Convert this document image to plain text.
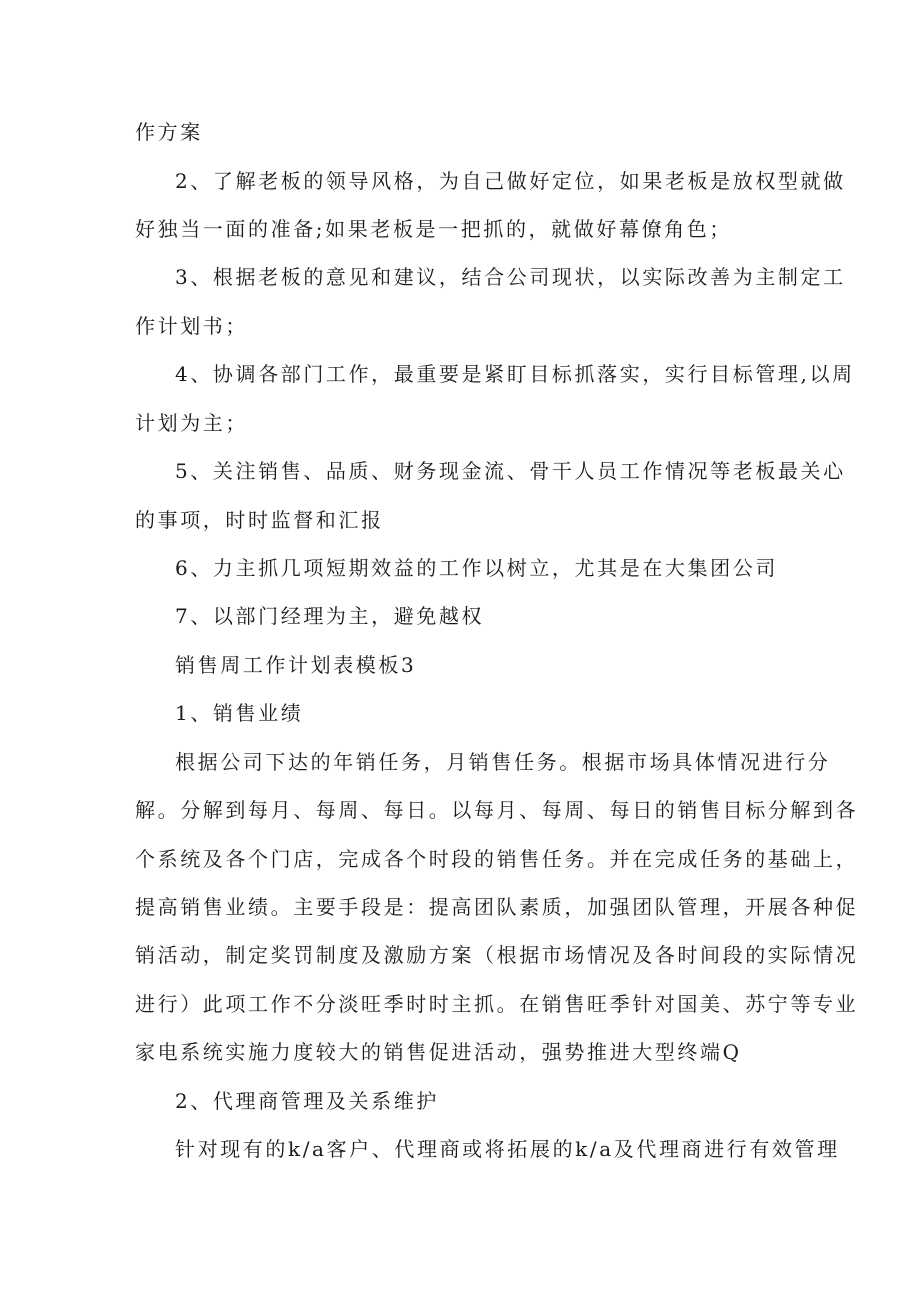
作方案
2、了解老板的领导风格，为自己做好定位，如果老板是放权型就做
好独当一面的准备;如果老板是一把抓的，就做好幕僚角色；
3、根据老板的意见和建议，结合公司现状，以实际改善为主制定工
作计划书；
4、协调各部门工作，最重要是紧盯目标抓落实，实行目标管理,以周
计划为主；
5、关注销售、品质、财务现金流、骨干人员工作情况等老板最关心
的事项，时时监督和汇报
6、力主抓几项短期效益的工作以树立，尤其是在大集团公司
7、以部门经理为主，避免越权
销售周工作计划表模板3
1、销售业绩
根据公司下达的年销任务，月销售任务。根据市场具体情况进行分
解。分解到每月、每周、每日。以每月、每周、每日的销售目标分解到各
个系统及各个门店，完成各个时段的销售任务。并在完成任务的基础上，
提高销售业绩。主要手段是：提高团队素质，加强团队管理，开展各种促
销活动，制定奖罚制度及激励方案（根据市场情况及各时间段的实际情况
进行）此项工作不分淡旺季时时主抓。在销售旺季针对国美、苏宁等专业
家电系统实施力度较大的销售促进活动，强势推进大型终端Q
2、代理商管理及关系维护
针对现有的k/a客户、代理商或将拓展的k/a及代理商进行有效管理
